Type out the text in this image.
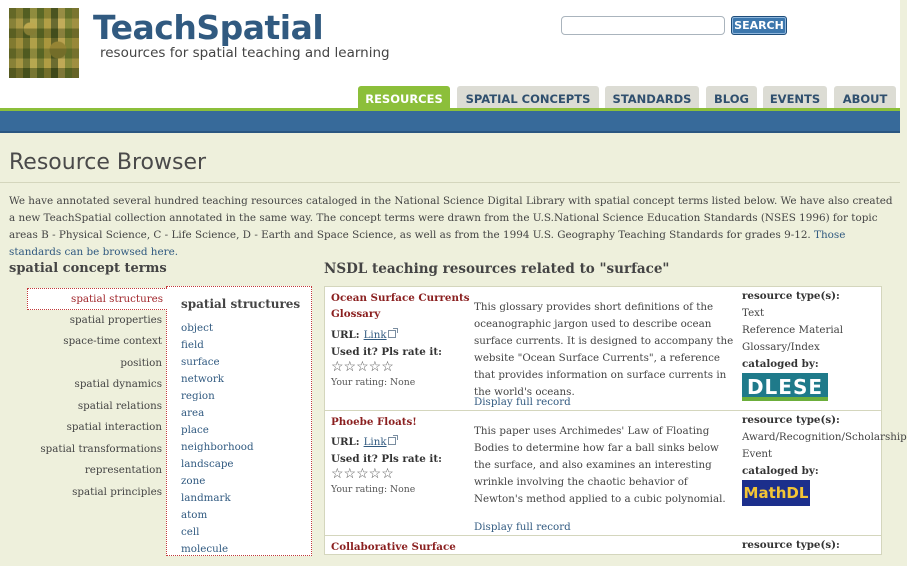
TeachSpatial
resources for spatial teaching and learning
SEARCH
RESOURCES	SPATIAL CONCEPTS	STANDARDS	BLOG	EVENTS	ABOUT
Resource Browser
We have annotated several hundred teaching resources cataloged in the National Science Digital Library with spatial concept terms listed below. We have also created a new TeachSpatial collection annotated in the same way. The concept terms were drawn from the U.S.National Science Education Standards (NSES 1996) for topic areas B - Physical Science, C - Life Science, D - Earth and Space Science, as well as from the 1994 U.S. Geography Teaching Standards for grades 9-12. Those standards can be browsed here.
spatial concept terms
spatial structures
spatial properties
space-time context
position
spatial dynamics
spatial relations
spatial interaction
spatial transformations
representation
spatial principles
spatial structures
object
field
surface
network
region
area
place
neighborhood
landscape
zone
landmark
atom
cell
molecule
NSDL teaching resources related to "surface"
Ocean Surface Currents Glossary
URL: Link
Used it? Pls rate it:
☆☆☆☆☆
Your rating: None
This glossary provides short definitions of the oceanographic jargon used to describe ocean surface currents. It is designed to accompany the website "Ocean Surface Currents", a reference that provides information on surface currents in the world's oceans.
Display full record
resource type(s):
Text
Reference Material
Glossary/Index
cataloged by:
DLESE
Phoebe Floats!
URL: Link
Used it? Pls rate it:
☆☆☆☆☆
Your rating: None
This paper uses Archimedes' Law of Floating Bodies to determine how far a ball sinks below the surface, and also examines an interesting wrinkle involving the chaotic behavior of Newton's method applied to a cubic polynomial.
Display full record
resource type(s):
Award/Recognition/Scholarship
Event
cataloged by:
MathDL
Collaborative Surface	resource type(s):
